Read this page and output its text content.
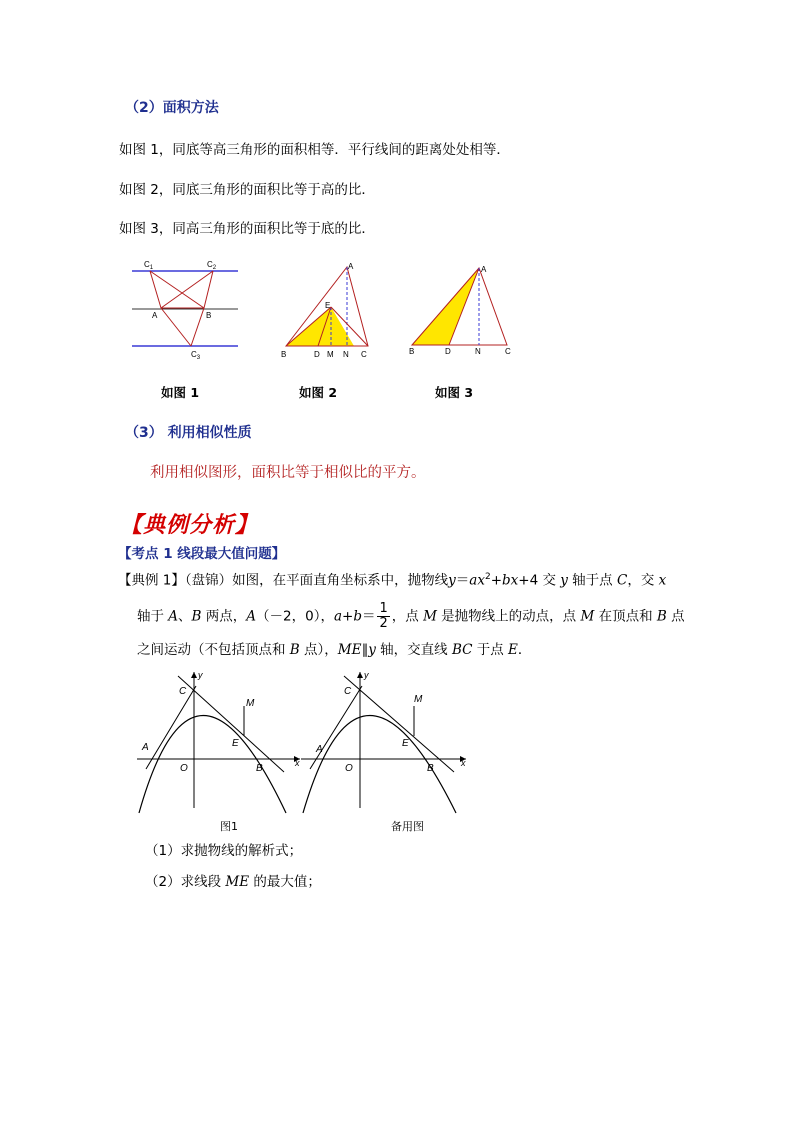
（2）面积方法
如图 1，同底等高三角形的面积相等．平行线间的距离处处相等．
如图 2，同底三角形的面积比等于高的比．
如图 3，同高三角形的面积比等于底的比．
$C_1$	$C_2$
A	B
$C_3$
A
E
B	D M N C
A
B	D	N	C
如图 1	如图 2	如图 3
（3） 利用相似性质
利用相似图形，面积比等于相似比的平方。
【典例分析】
【考点 1 线段最大值问题】
【典例 1】（盘锦）如图，在平面直角坐标系中，抛物线$y=ax^2+bx+4$ 交 y 轴于点 C，交 x
轴于 A、B 两点，A（－2，0），$a+b= \frac{1}{2}$ ，点 M 是抛物线上的动点，点 M 在顶点和 B 点
之间运动（不包括顶点和 B 点），ME∥y 轴，交直线 BC 于点 E．
y
C
M
A	E
O	B	x
y
C
M
A
E
O	B	x
图1	备用图
（1）求抛物线的解析式；
（2）求线段 ME 的最大值；
